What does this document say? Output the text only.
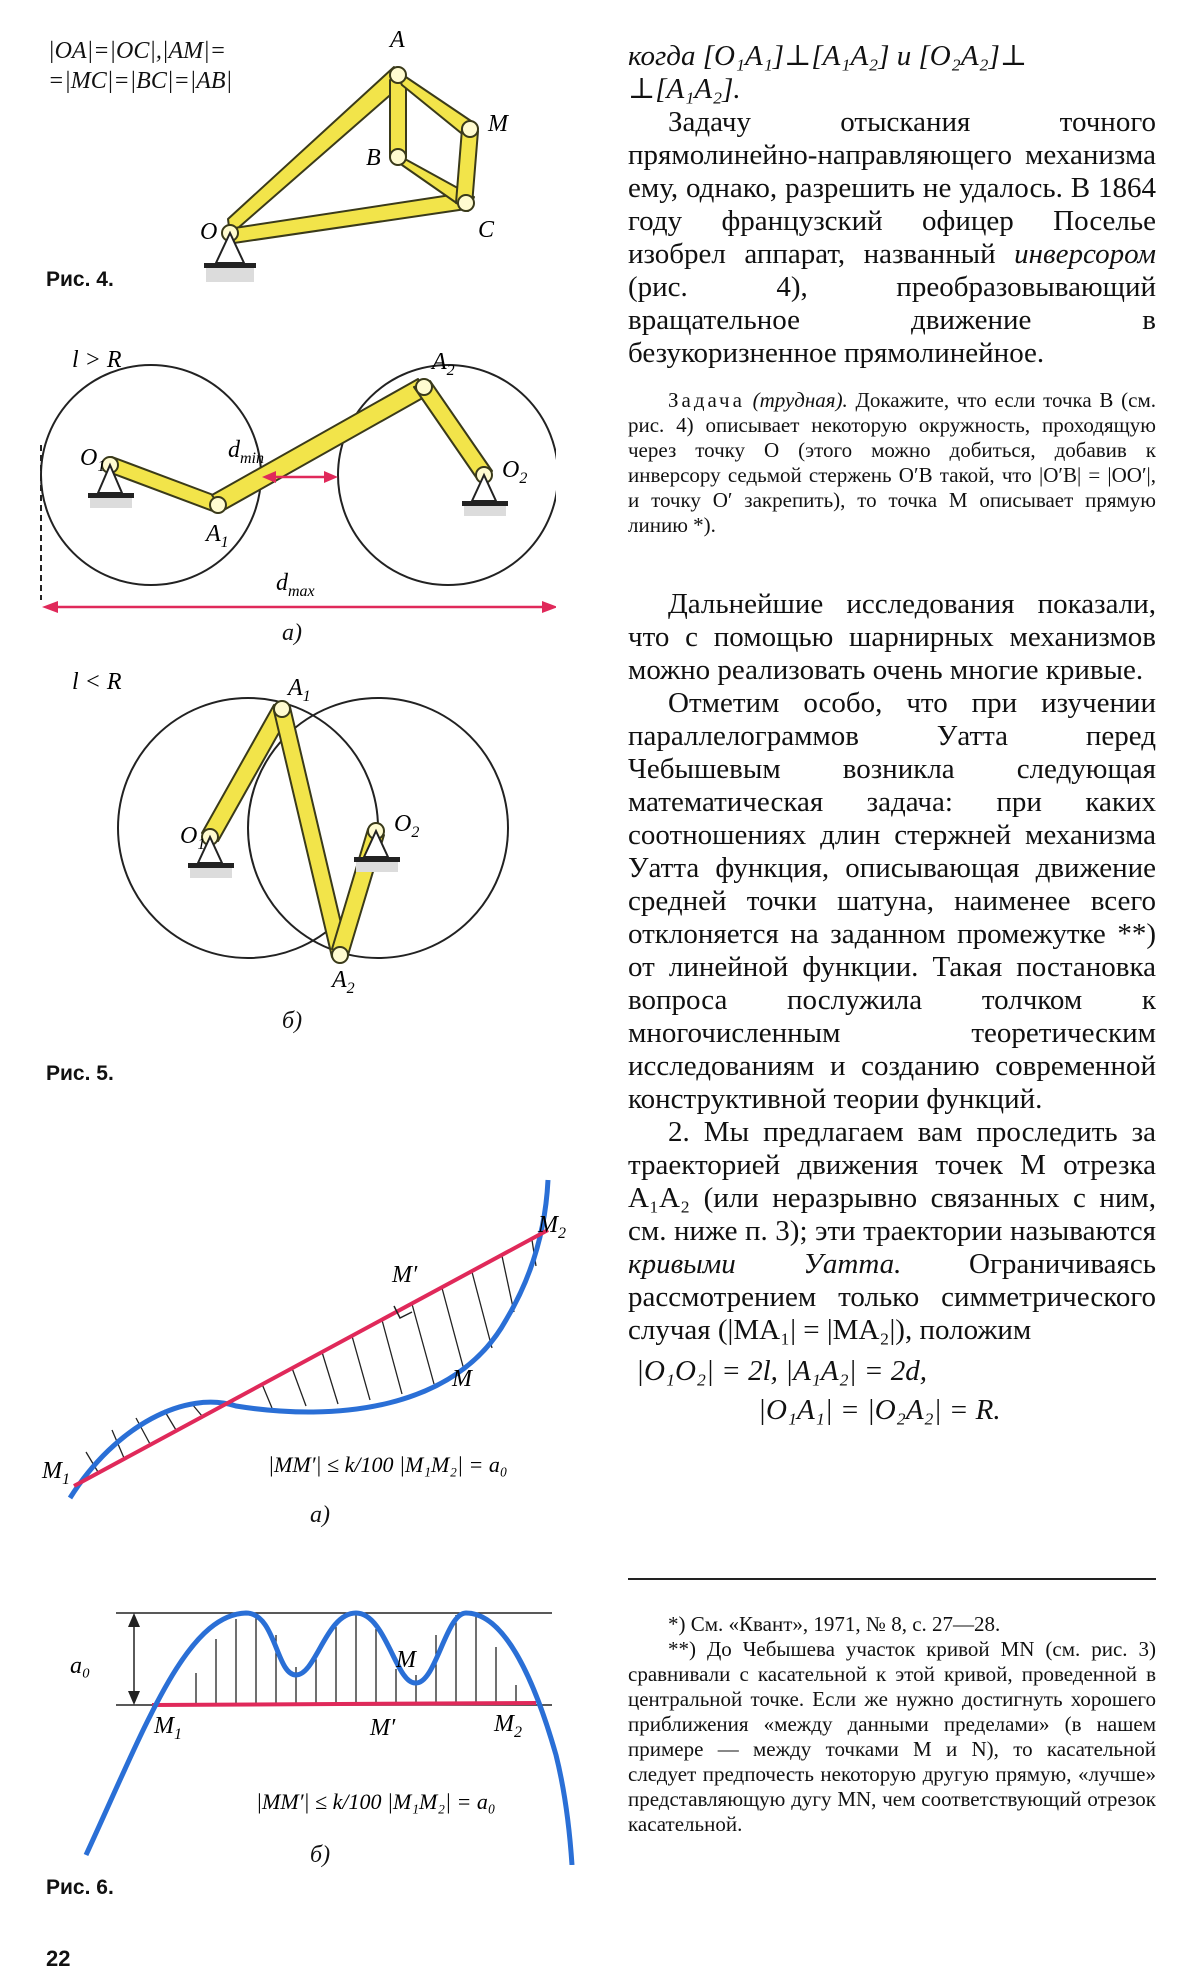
|OA|=|OC|,|AM|=
=|MC|=|BC|=|AB|
A
M
B
C
O
Рис. 4.
l > R
$d_{min}$
$d_{max}$
$O_1$
$A_1$
$A_2$
$O_2$
а)
l < R
$O_1$
$A_1$
$A_2$
$O_2$
б)
Рис. 5.
$M_1$
$M_2$
M′
M
|MM′| ≤ k/100 |M₁M₂| = a₀
а)
a₀
$M_1$	$M_2$
M′
M
|MM′| ≤ k/100 |M₁M₂| = a₀
б)
Рис. 6.
22

когда [O₁A₁]⊥[A₁A₂] и [O₂A₂]⊥

⊥[A₁A₂].

Задачу отыскания точного прямолинейно-направляющего механизма ему, однако, разрешить не удалось. В 1864 году французский офицер Поселье изобрел аппарат, названный инверсором (рис. 4), преобразовывающий вращательное движение в безукоризненное прямолинейное.

Задача (трудная). Докажите, что если точка B (см. рис. 4) описывает некоторую окружность, проходящую через точку O (этого можно добиться, добавив к инверсору седьмой стержень O′B такой, что |O′B| = |OO′|, и точку O′ закрепить), то точка M описывает прямую линию *).

Дальнейшие исследования показали, что с помощью шарнирных механизмов можно реализовать очень многие кривые.

Отметим особо, что при изучении параллелограммов Уатта перед Чебышевым возникла следующая математическая задача: при каких соотношениях длин стержней механизма Уатта функция, описывающая движение средней точки шатуна, наименее всего отклоняется на заданном промежутке **) от линейной функции. Такая постановка вопроса послужила толчком к многочисленным теоретическим исследованиям и созданию современной конструктивной теории функций.

2. Мы предлагаем вам проследить за траекторией движения точек M отрезка A₁A₂ (или неразрывно связанных с ним, см. ниже п. 3); эти траектории называются кривыми Уатта. Ограничиваясь рассмотрением только симметрического случая (|MA₁| = |MA₂|), положим

|O₁O₂| = 2l, |A₁A₂| = 2d,

|O₁A₁| = |O₂A₂| = R.

*) См. «Квант», 1971, № 8, с. 27—28.

**) До Чебышева участок кривой MN (см. рис. 3) сравнивали с касательной к этой кривой, проведенной в центральной точке. Если же нужно достигнуть хорошего приближения «между данными пределами» (в нашем примере — между точками M и N), то касательной следует предпочесть некоторую другую прямую, «лучше» представляющую дугу MN, чем соответствующий отрезок касательной.
